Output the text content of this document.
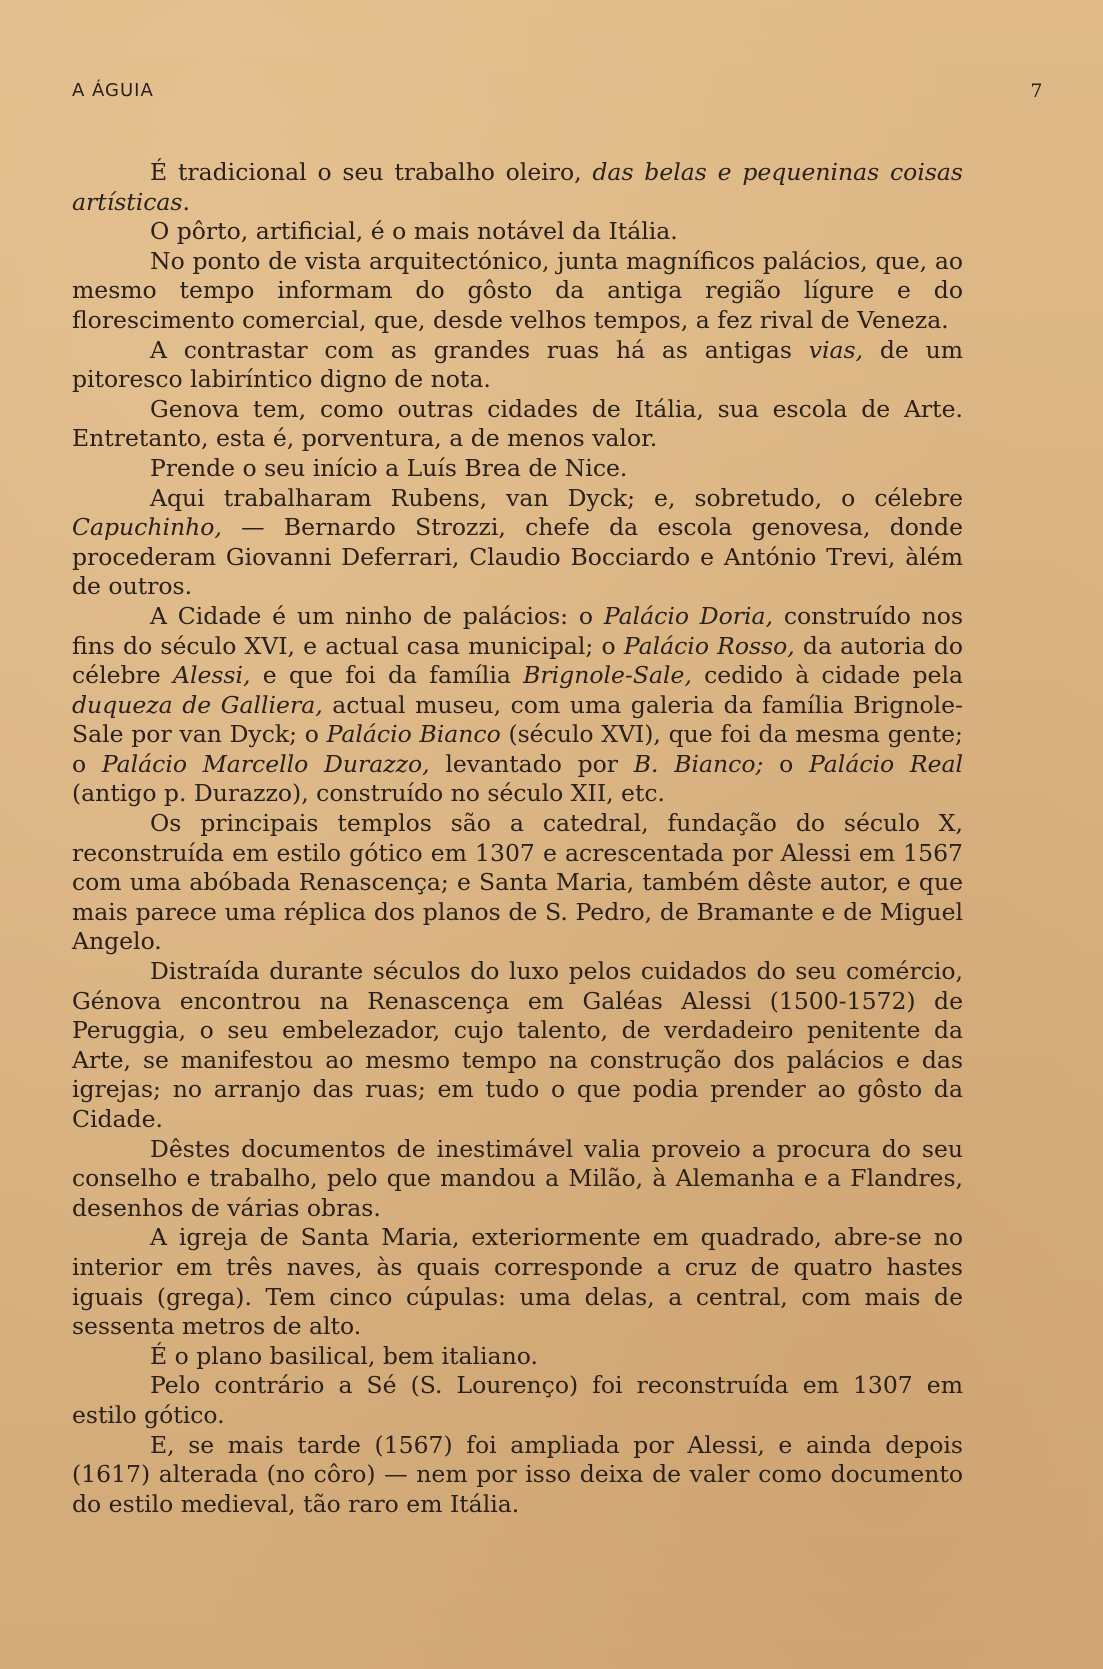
A ÁGUIA	7

É tradicional o seu trabalho oleiro, das belas e pequeninas coisas artísticas.

O pôrto, artificial, é o mais notável da Itália.

No ponto de vista arquitectónico, junta magníficos palácios, que, ao mesmo tempo informam do gôsto da antiga região lígure e do florescimento comercial, que, desde velhos tempos, a fez rival de Veneza.

A contrastar com as grandes ruas há as antigas vias, de um pitoresco labiríntico digno de nota.

Genova tem, como outras cidades de Itália, sua escola de Arte. Entretanto, esta é, porventura, a de menos valor.

Prende o seu início a Luís Brea de Nice.

Aqui trabalharam Rubens, van Dyck; e, sobretudo, o célebre Capuchinho, — Bernardo Strozzi, chefe da escola genovesa, donde procederam Giovanni Deferrari, Claudio Bocciardo e António Trevi, àlém de outros.

A Cidade é um ninho de palácios: o Palácio Doria, construído nos fins do século XVI, e actual casa municipal; o Palácio Rosso, da autoria do célebre Alessi, e que foi da família Brignole-Sale, cedido à cidade pela duqueza de Galliera, actual museu, com uma galeria da família Brignole-Sale por van Dyck; o Palácio Bianco (século XVI), que foi da mesma gente; o Palácio Marcello Durazzo, levantado por B. Bianco; o Palácio Real (antigo p. Durazzo), construído no século XII, etc.

Os principais templos são a catedral, fundação do século X, reconstruída em estilo gótico em 1307 e acrescentada por Alessi em 1567 com uma abóbada Renascença; e Santa Maria, também dêste autor, e que mais parece uma réplica dos planos de S. Pedro, de Bramante e de Miguel Angelo.

Distraída durante séculos do luxo pelos cuidados do seu comércio, Génova encontrou na Renascença em Galéas Alessi (1500-1572) de Peruggia, o seu embelezador, cujo talento, de verdadeiro penitente da Arte, se manifestou ao mesmo tempo na construção dos palácios e das igrejas; no arranjo das ruas; em tudo o que podia prender ao gôsto da Cidade.

Dêstes documentos de inestimável valia proveio a procura do seu conselho e trabalho, pelo que mandou a Milão, à Alemanha e a Flandres, desenhos de várias obras.

A igreja de Santa Maria, exteriormente em quadrado, abre-se no interior em três naves, às quais corresponde a cruz de quatro hastes iguais (grega). Tem cinco cúpulas: uma delas, a central, com mais de sessenta metros de alto.

É o plano basilical, bem italiano.

Pelo contrário a Sé (S. Lourenço) foi reconstruída em 1307 em estilo gótico.

E, se mais tarde (1567) foi ampliada por Alessi, e ainda depois (1617) alterada (no côro) — nem por isso deixa de valer como documento do estilo medieval, tão raro em Itália.
